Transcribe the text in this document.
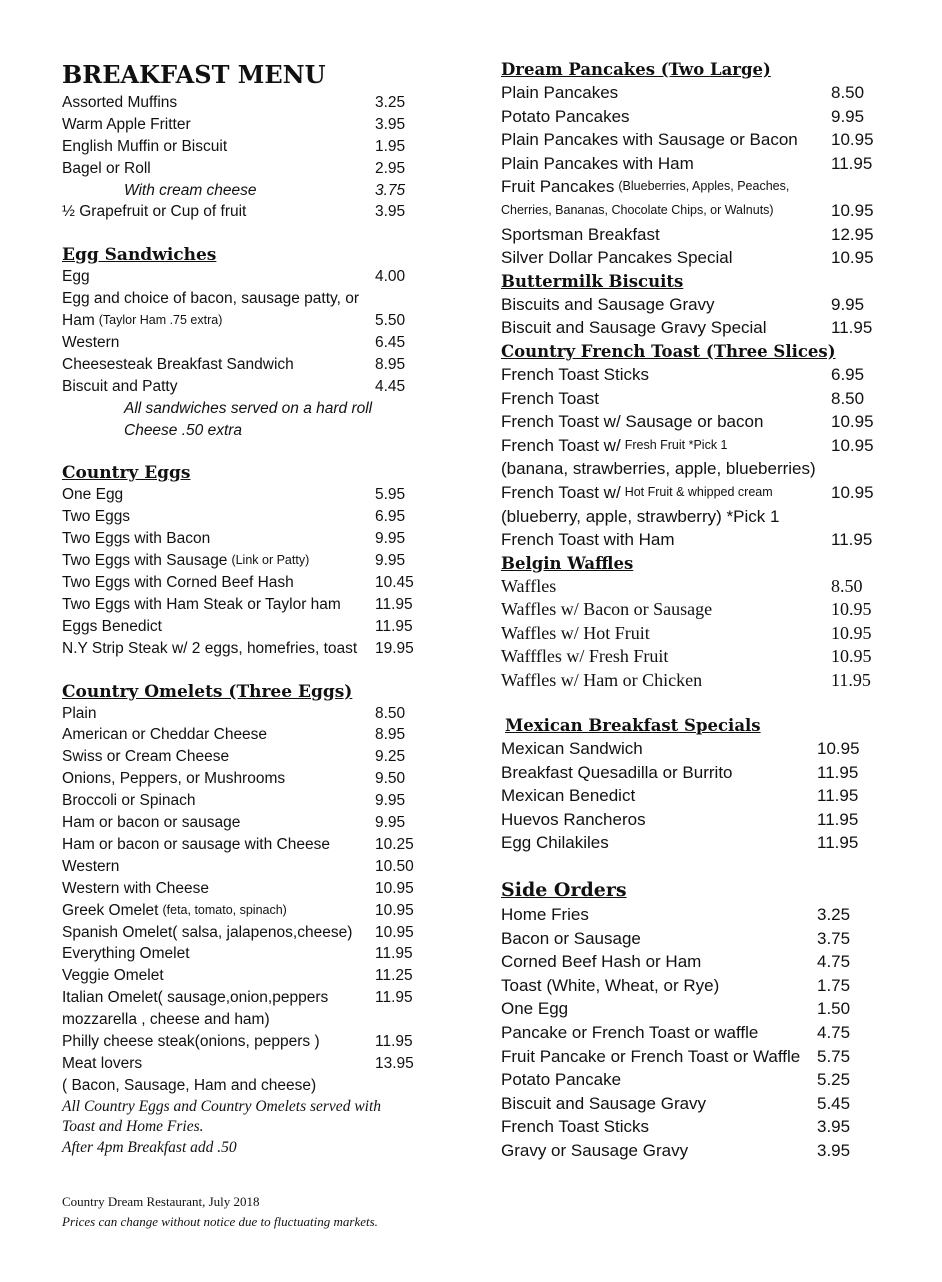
BREAKFAST MENU
Assorted Muffins	3.25
Warm Apple Fritter	3.95
English Muffin or Biscuit	1.95
Bagel or Roll	2.95
With cream cheese	3.75
½ Grapefruit or Cup of fruit	3.95
Egg Sandwiches
Egg	4.00
Egg and choice of bacon, sausage patty, or
Ham (Taylor Ham .75 extra)	5.50
Western	6.45
Cheesesteak Breakfast Sandwich	8.95
Biscuit and Patty	4.45
All sandwiches served on a hard roll
Cheese .50 extra
Country Eggs
One Egg	5.95
Two Eggs	6.95
Two Eggs with Bacon	9.95
Two Eggs with Sausage (Link or Patty)	9.95
Two Eggs with Corned Beef Hash	10.45
Two Eggs with Ham Steak or Taylor ham 11.95
Eggs Benedict	11.95
N.Y Strip Steak w/ 2 eggs, homefries, toast 19.95
Country Omelets (Three Eggs)
Plain	8.50
American or Cheddar Cheese	8.95
Swiss or Cream Cheese	9.25
Onions, Peppers, or Mushrooms	9.50
Broccoli or Spinach	9.95
Ham or bacon or sausage	9.95
Ham or bacon or sausage with Cheese	10.25
Western	10.50
Western with Cheese	10.95
Greek Omelet (feta, tomato, spinach)	10.95
Spanish Omelet( salsa, jalapenos,cheese) 10.95
Everything Omelet	11.95
Veggie Omelet	11.25
Italian Omelet( sausage,onion,peppers	11.95
mozzarella , cheese and ham)
Philly cheese steak(onions, peppers )	11.95
Meat lovers	13.95
( Bacon, Sausage, Ham and cheese)
All Country Eggs and Country Omelets served with
Toast and Home Fries.
After 4pm Breakfast add .50
Dream Pancakes (Two Large)
Plain Pancakes	8.50
Potato Pancakes	9.95
Plain Pancakes with Sausage or Bacon 10.95
Plain Pancakes with Ham	11.95
Fruit Pancakes (Blueberries, Apples, Peaches,
Cherries, Bananas, Chocolate Chips, or Walnuts)	10.95
Sportsman Breakfast	12.95
Silver Dollar Pancakes Special	10.95
Buttermilk Biscuits
Biscuits and Sausage Gravy	9.95
Biscuit and Sausage Gravy Special	11.95
Country French Toast (Three Slices)
French Toast Sticks	6.95
French Toast	8.50
French Toast w/ Sausage or bacon	10.95
French Toast w/ Fresh Fruit *Pick 1	10.95
(banana, strawberries, apple, blueberries)
French Toast w/ Hot Fruit & whipped cream	10.95
(blueberry, apple, strawberry) *Pick 1
French Toast with Ham	11.95
Belgin Waffles
Waffles	8.50
Waffles w/ Bacon or Sausage	10.95
Waffles w/ Hot Fruit	10.95
Wafffles w/ Fresh Fruit	10.95
Waffles w/ Ham or Chicken	11.95
Mexican Breakfast Specials
Mexican Sandwich	10.95
Breakfast Quesadilla or Burrito	11.95
Mexican Benedict	11.95
Huevos Rancheros	11.95
Egg Chilakiles	11.95
Side Orders
Home Fries	3.25
Bacon or Sausage	3.75
Corned Beef Hash or Ham	4.75
Toast (White, Wheat, or Rye)	1.75
One Egg	1.50
Pancake or French Toast or waffle	4.75
Fruit Pancake or French Toast or Waffle 5.75
Potato Pancake	5.25
Biscuit and Sausage Gravy	5.45
French Toast Sticks	3.95
Gravy or Sausage Gravy	3.95
Country Dream Restaurant, July 2018
Prices can change without notice due to fluctuating markets.
